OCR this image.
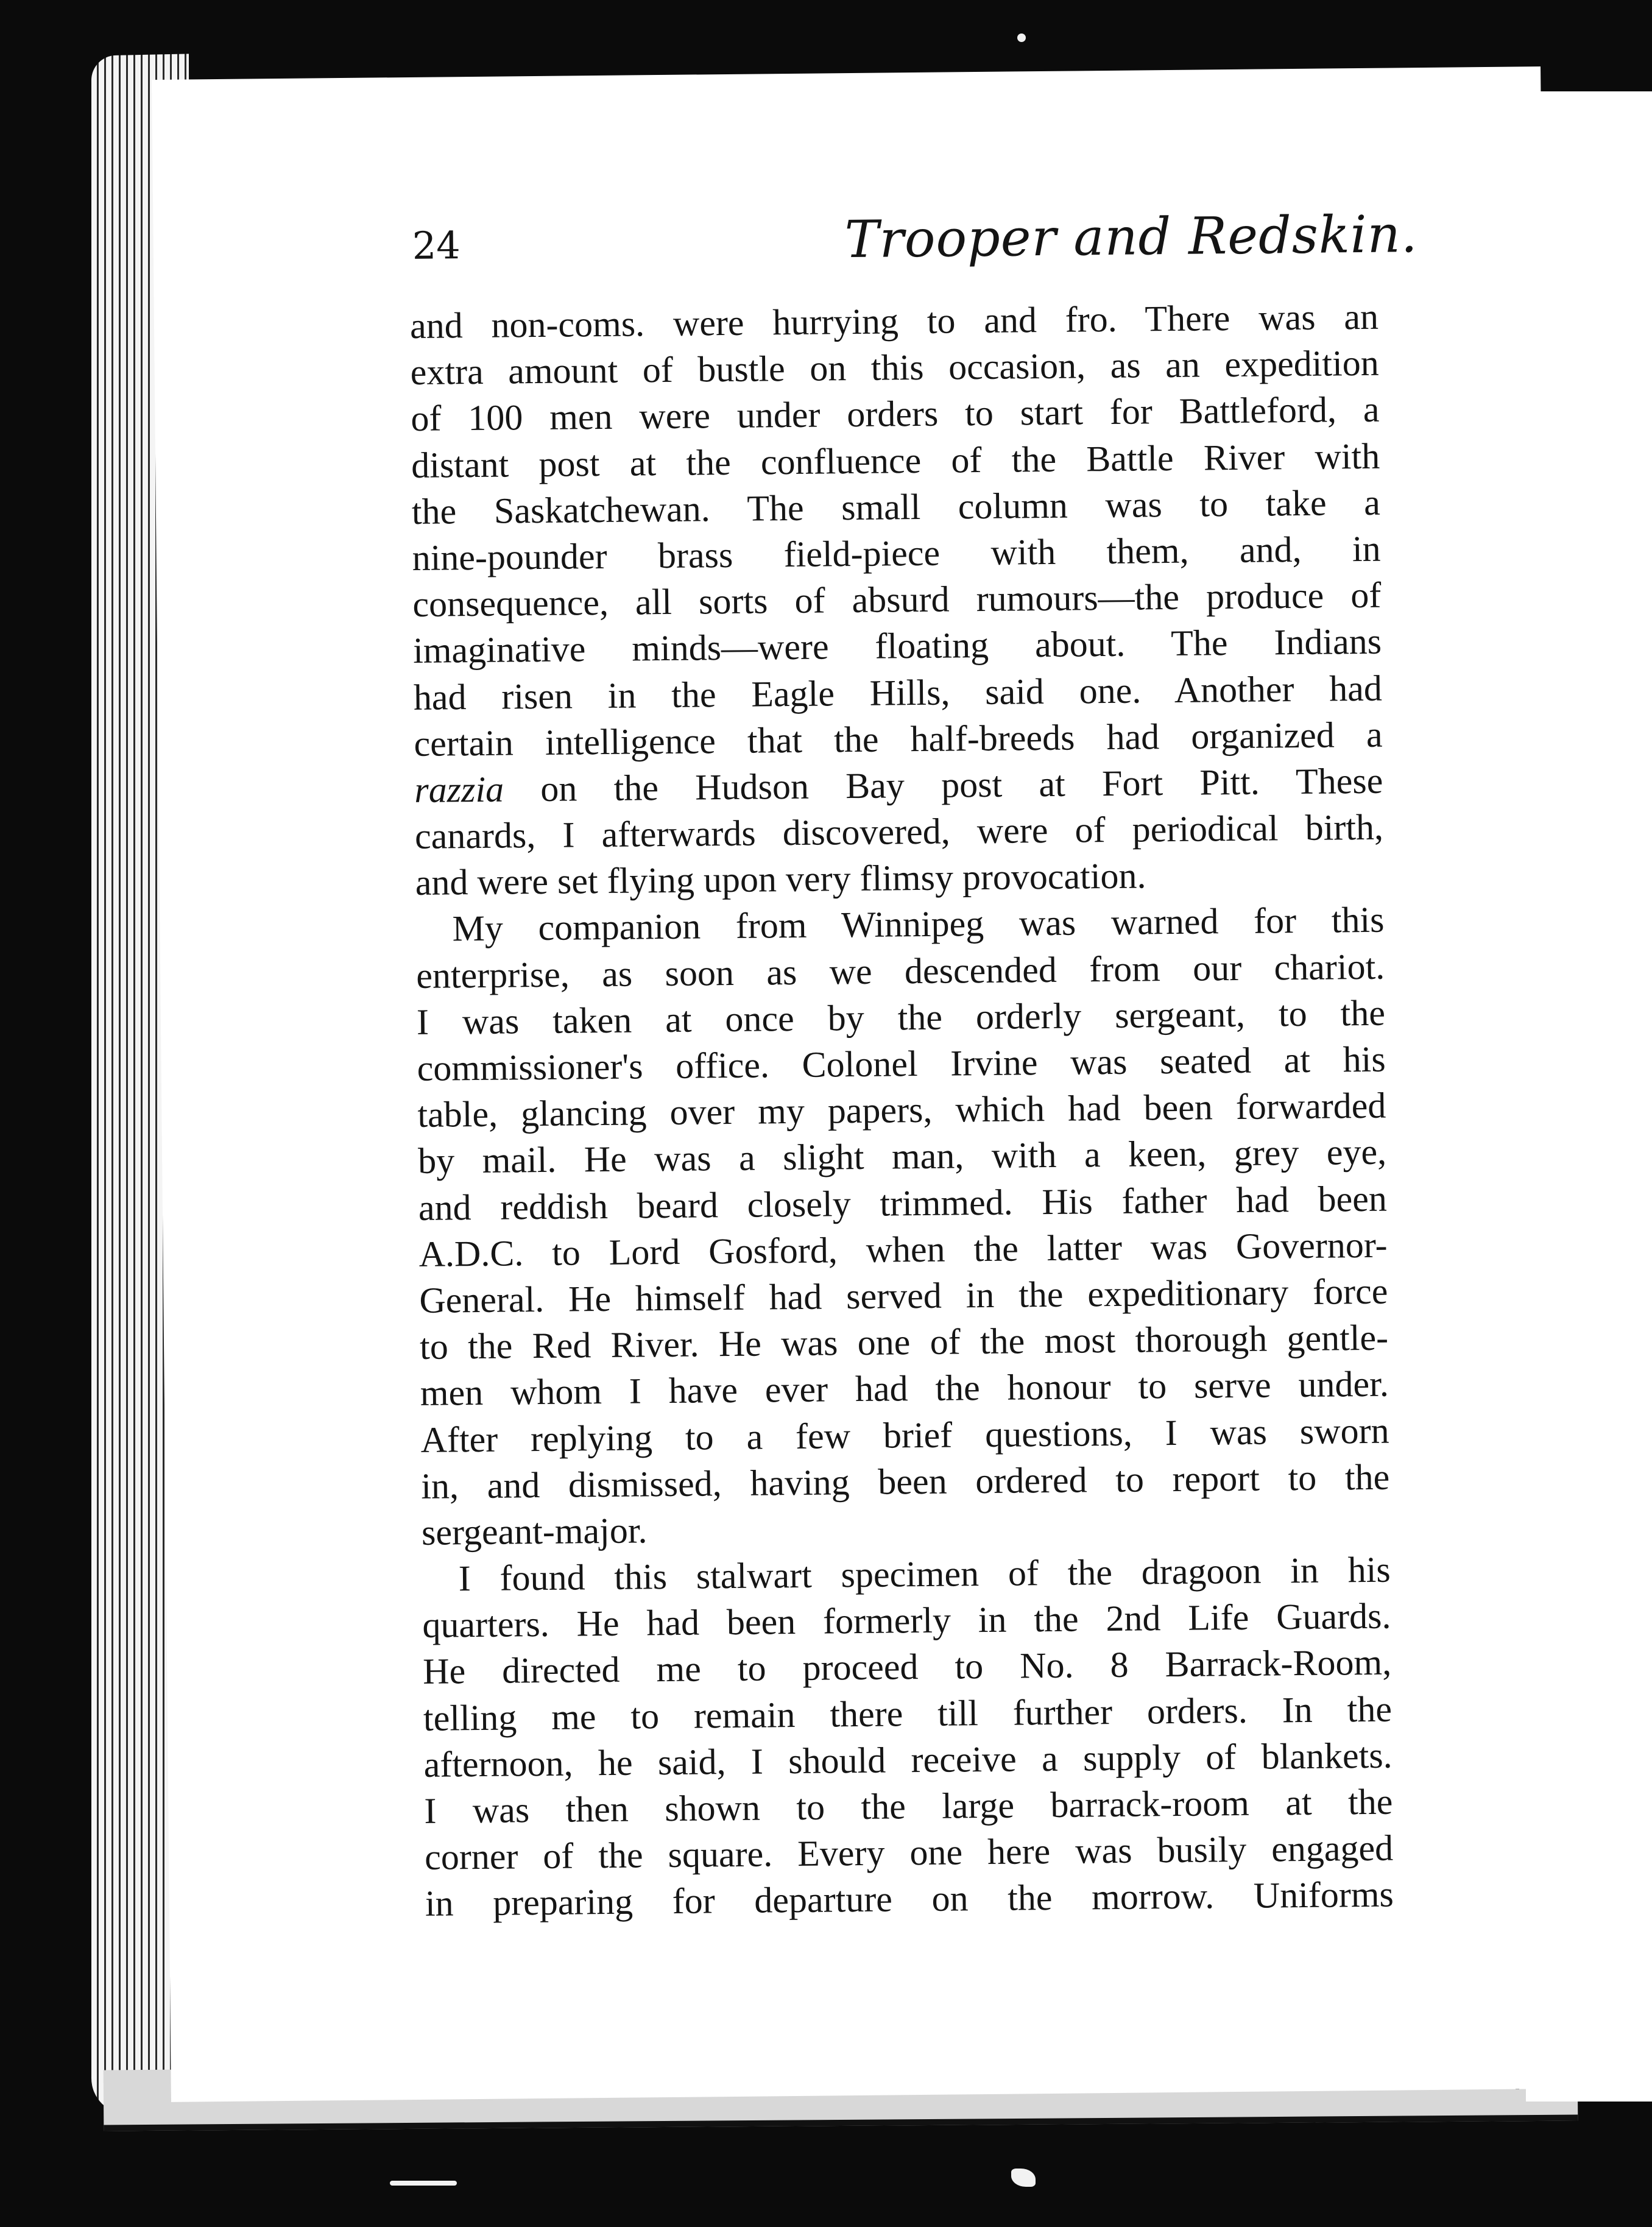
24	Trooper and Redskin.
and non-coms. were hurrying to and fro. There was an
extra amount of bustle on this occasion, as an expedition
of 100 men were under orders to start for Battleford, a
distant post at the confluence of the Battle River with
the Saskatchewan. The small column was to take a
nine-pounder brass field-piece with them, and, in
consequence, all sorts of absurd rumours—the produce of
imaginative minds—were floating about. The Indians
had risen in the Eagle Hills, said one. Another had
certain intelligence that the half-breeds had organized a
razzia on the Hudson Bay post at Fort Pitt. These
canards, I afterwards discovered, were of periodical birth,
and were set flying upon very flimsy provocation.
My companion from Winnipeg was warned for this
enterprise, as soon as we descended from our chariot.
I was taken at once by the orderly sergeant, to the
commissioner's office. Colonel Irvine was seated at his
table, glancing over my papers, which had been forwarded
by mail. He was a slight man, with a keen, grey eye,
and reddish beard closely trimmed. His father had been
A.D.C. to Lord Gosford, when the latter was Governor-
General. He himself had served in the expeditionary force
to the Red River. He was one of the most thorough gentle-
men whom I have ever had the honour to serve under.
After replying to a few brief questions, I was sworn
in, and dismissed, having been ordered to report to the
sergeant-major.
I found this stalwart specimen of the dragoon in his
quarters. He had been formerly in the 2nd Life Guards.
He directed me to proceed to No. 8 Barrack-Room,
telling me to remain there till further orders. In the
afternoon, he said, I should receive a supply of blankets.
I was then shown to the large barrack-room at the
corner of the square. Every one here was busily engaged
in preparing for departure on the morrow. Uniforms
